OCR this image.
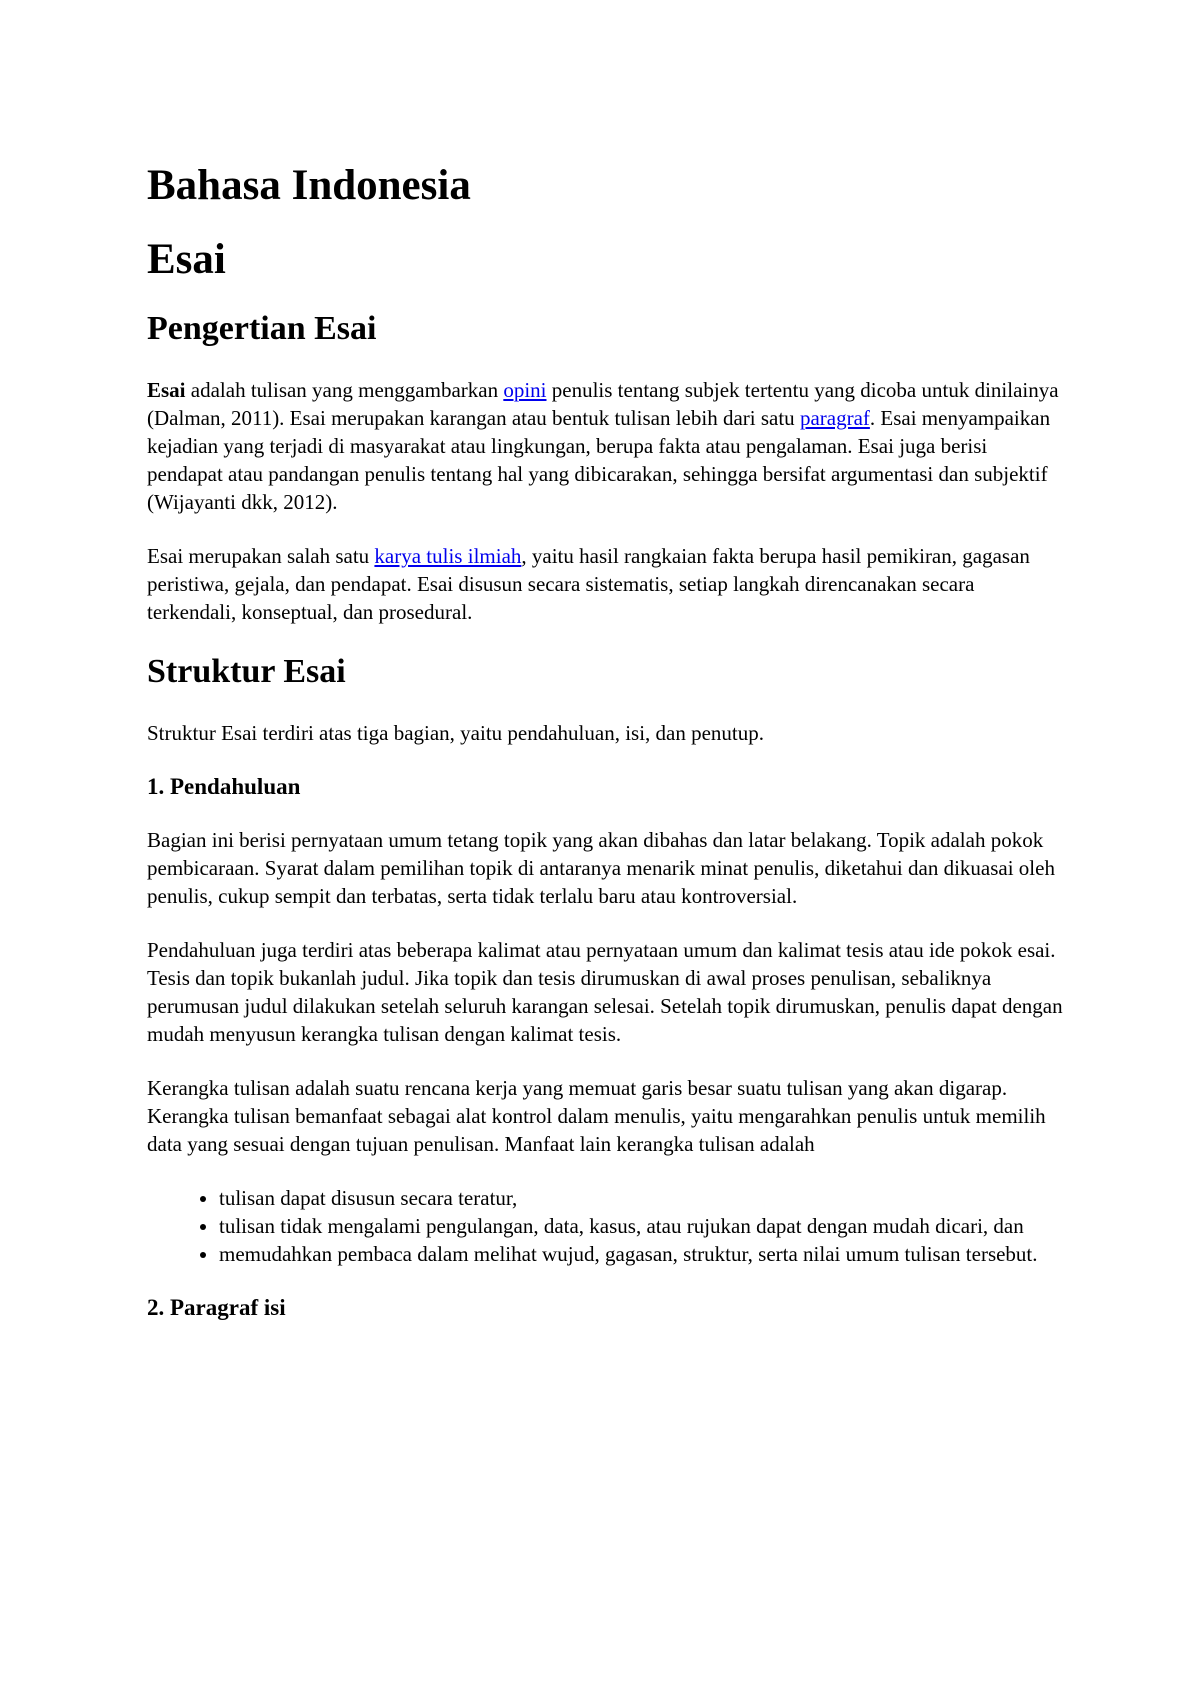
Bahasa Indonesia
Esai
Pengertian Esai

Esai adalah tulisan yang menggambarkan opini penulis tentang subjek tertentu yang dicoba untuk dinilainya (Dalman, 2011). Esai merupakan karangan atau bentuk tulisan lebih dari satu paragraf. Esai menyampaikan kejadian yang terjadi di masyarakat atau lingkungan, berupa fakta atau pengalaman. Esai juga berisi pendapat atau pandangan penulis tentang hal yang dibicarakan, sehingga bersifat argumentasi dan subjektif (Wijayanti dkk, 2012).

Esai merupakan salah satu karya tulis ilmiah, yaitu hasil rangkaian fakta berupa hasil pemikiran, gagasan peristiwa, gejala, dan pendapat. Esai disusun secara sistematis, setiap langkah direncanakan secara terkendali, konseptual, dan prosedural.

Struktur Esai

Struktur Esai terdiri atas tiga bagian, yaitu pendahuluan, isi, dan penutup.

1. Pendahuluan

Bagian ini berisi pernyataan umum tetang topik yang akan dibahas dan latar belakang. Topik adalah pokok pembicaraan. Syarat dalam pemilihan topik di antaranya menarik minat penulis, diketahui dan dikuasai oleh penulis, cukup sempit dan terbatas, serta tidak terlalu baru atau kontroversial.

Pendahuluan juga terdiri atas beberapa kalimat atau pernyataan umum dan kalimat tesis atau ide pokok esai. Tesis dan topik bukanlah judul. Jika topik dan tesis dirumuskan di awal proses penulisan, sebaliknya perumusan judul dilakukan setelah seluruh karangan selesai. Setelah topik dirumuskan, penulis dapat dengan mudah menyusun kerangka tulisan dengan kalimat tesis.

Kerangka tulisan adalah suatu rencana kerja yang memuat garis besar suatu tulisan yang akan digarap. Kerangka tulisan bemanfaat sebagai alat kontrol dalam menulis, yaitu mengarahkan penulis untuk memilih data yang sesuai dengan tujuan penulisan. Manfaat lain kerangka tulisan adalah

• tulisan dapat disusun secara teratur,
• tulisan tidak mengalami pengulangan, data, kasus, atau rujukan dapat dengan mudah dicari, dan
• memudahkan pembaca dalam melihat wujud, gagasan, struktur, serta nilai umum tulisan tersebut.
2. Paragraf isi
